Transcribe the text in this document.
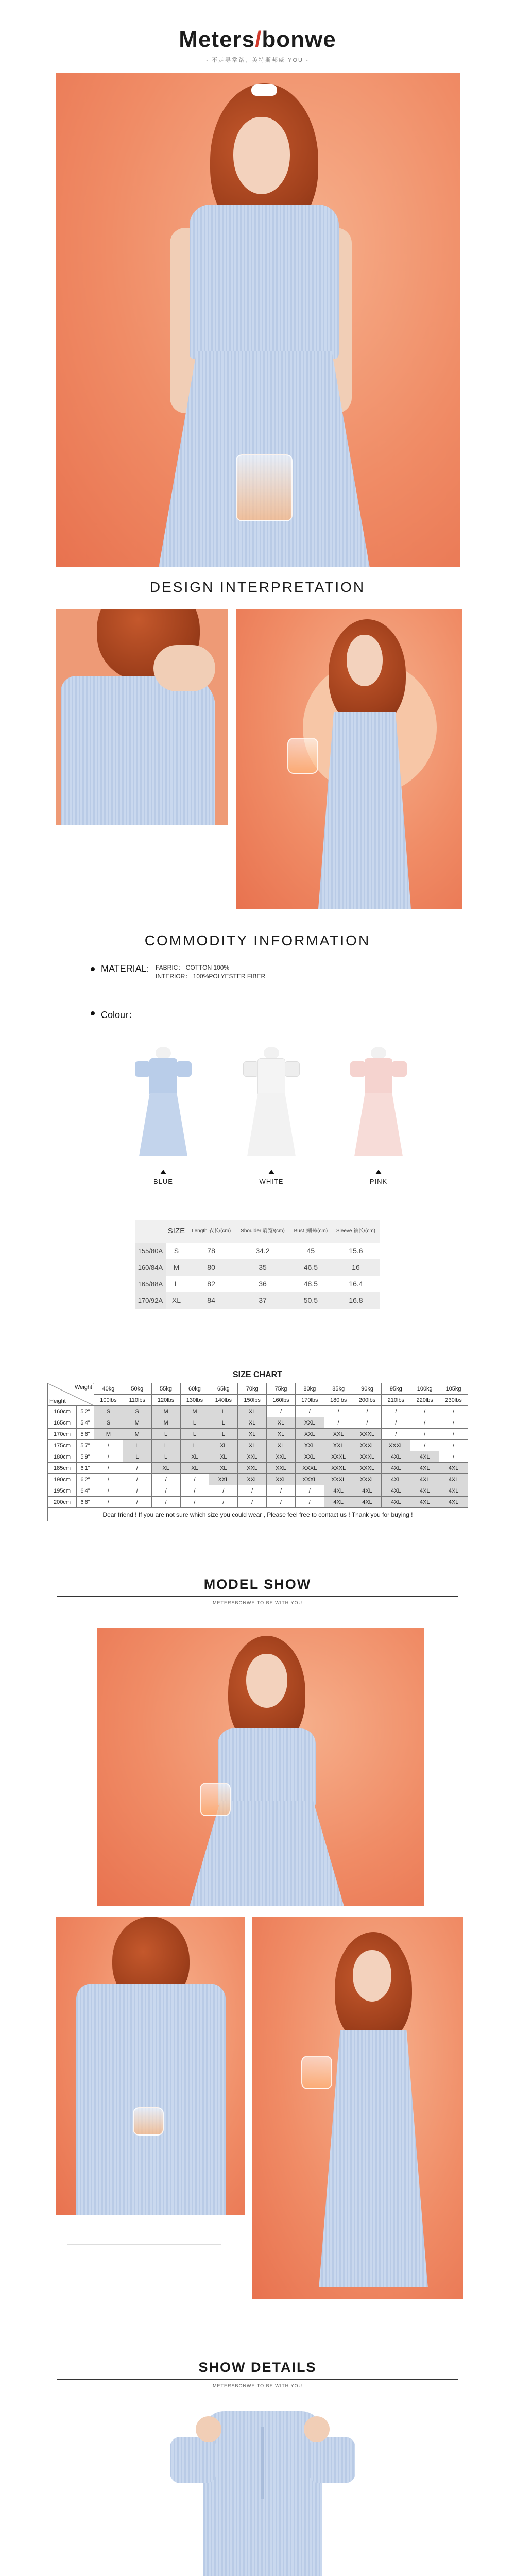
Meters/bonwe
- 不走寻常路，美特斯邦威 YOU -
DESIGN INTERPRETATION
COMMODITY INFORMATION
MATERIAL: FABRIC： COTTON 100%
INTERIOR： 100%POLYESTER FIBER
Colour：
BLUE	WHITE	PINK
	SIZE	Length 衣长/(cm)	Shoulder 肩宽/(cm)	Bust 胸围/(cm)	Sleeve 袖长/(cm)
155/80A	S	78	34.2	45	15.6
160/84A	M	80	35	46.5	16
165/88A	L	82	36	48.5	16.4
170/92A	XL	84	37	50.5	16.8
SIZE CHART
Weight
Height		40kg	50kg	55kg	60kg	65kg	70kg	75kg	80kg	85kg	90kg	95kg	100kg	105kg
		100lbs	110lbs	120lbs	130lbs	140lbs	150lbs	160lbs	170lbs	180lbs	200lbs	210lbs	220lbs	230lbs
160cm	5'2"	S	S	M	M	L	XL	/	/	/	/	/	/	/
165cm	5'4"	S	M	M	L	L	XL	XL	XXL	/	/	/	/	/
170cm	5'6"	M	M	L	L	L	XL	XL	XXL	XXL	XXXL	/	/	/
175cm	5'7"	/	L	L	L	XL	XL	XL	XXL	XXL	XXXL	XXXL	/	/
180cm	5'9"	/	L	L	XL	XL	XXL	XXL	XXL	XXXL	XXXL	4XL	4XL	/
185cm	6'1"	/	/	XL	XL	XL	XXL	XXL	XXXL	XXXL	XXXL	4XL	4XL	4XL
190cm	6'2"	/	/	/	/	XXL	XXL	XXL	XXXL	XXXL	XXXL	4XL	4XL	4XL
195cm	6'4"	/	/	/	/	/	/	/	/	4XL	4XL	4XL	4XL	4XL
200cm	6'6"	/	/	/	/	/	/	/	/	4XL	4XL	4XL	4XL	4XL
Dear friend ! If you are not sure which size you could wear , Please feel free to contact us ! Thank you for buying !														
MODEL SHOW
METERSBONWE TO BE WITH YOU
SHOW DETAILS
METERSBONWE TO BE WITH YOU
